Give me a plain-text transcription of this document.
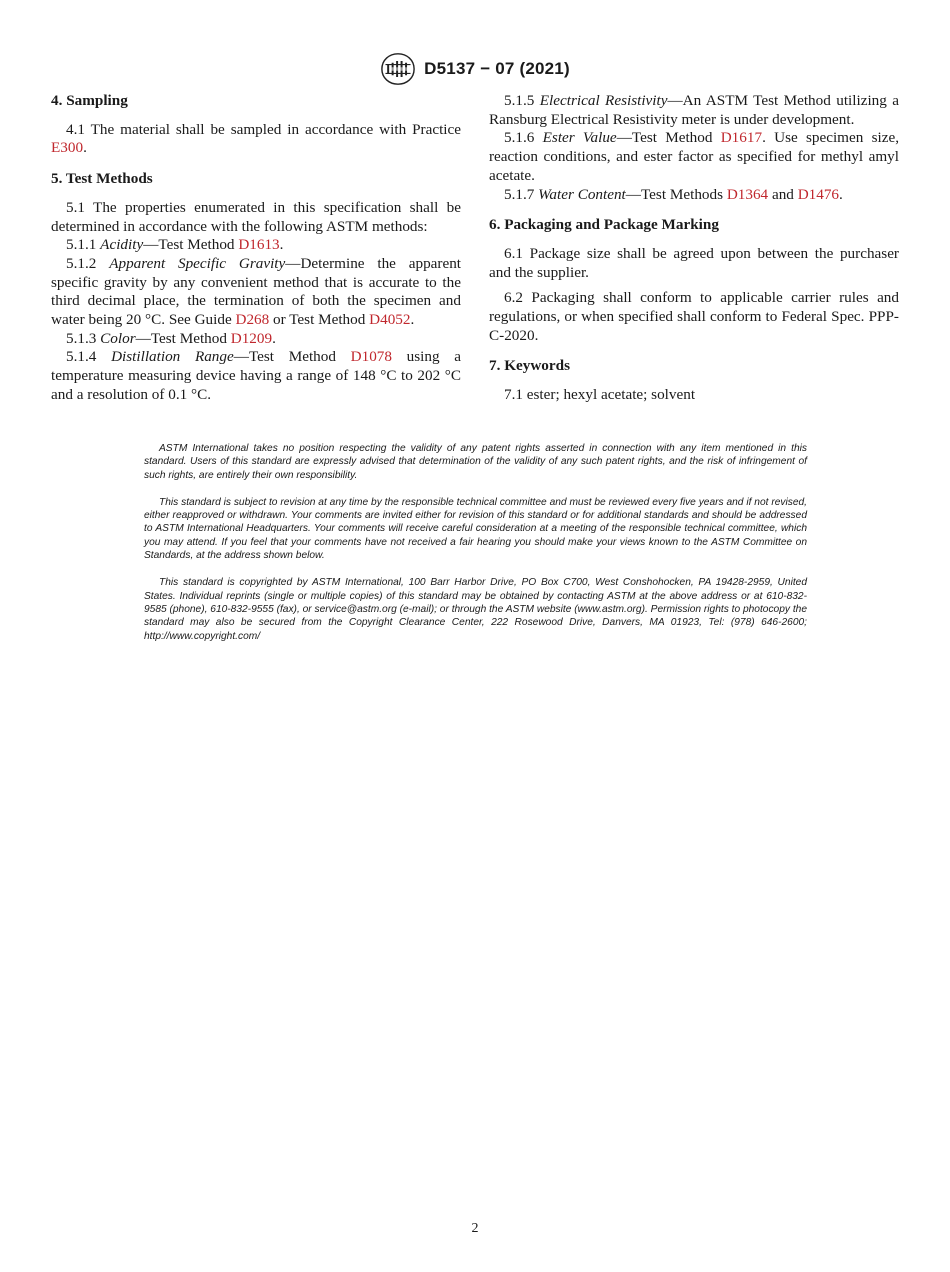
D5137 − 07 (2021)

4. Sampling

4.1 The material shall be sampled in accordance with Practice E300.

5. Test Methods

5.1 The properties enumerated in this specification shall be determined in accordance with the following ASTM methods:

5.1.1 Acidity—Test Method D1613.

5.1.2 Apparent Specific Gravity—Determine the apparent specific gravity by any convenient method that is accurate to the third decimal place, the termination of both the specimen and water being 20 °C. See Guide D268 or Test Method D4052.

5.1.3 Color—Test Method D1209.

5.1.4 Distillation Range—Test Method D1078 using a temperature measuring device having a range of 148 °C to 202 °C and a resolution of 0.1 °C.

5.1.5 Electrical Resistivity—An ASTM Test Method utilizing a Ransburg Electrical Resistivity meter is under development.

5.1.6 Ester Value—Test Method D1617. Use specimen size, reaction conditions, and ester factor as specified for methyl amyl acetate.

5.1.7 Water Content—Test Methods D1364 and D1476.

6. Packaging and Package Marking

6.1 Package size shall be agreed upon between the purchaser and the supplier.

6.2 Packaging shall conform to applicable carrier rules and regulations, or when specified shall conform to Federal Spec. PPP-C-2020.

7. Keywords

7.1 ester; hexyl acetate; solvent

ASTM International takes no position respecting the validity of any patent rights asserted in connection with any item mentioned in this standard. Users of this standard are expressly advised that determination of the validity of any such patent rights, and the risk of infringement of such rights, are entirely their own responsibility.

This standard is subject to revision at any time by the responsible technical committee and must be reviewed every five years and if not revised, either reapproved or withdrawn. Your comments are invited either for revision of this standard or for additional standards and should be addressed to ASTM International Headquarters. Your comments will receive careful consideration at a meeting of the responsible technical committee, which you may attend. If you feel that your comments have not received a fair hearing you should make your views known to the ASTM Committee on Standards, at the address shown below.

This standard is copyrighted by ASTM International, 100 Barr Harbor Drive, PO Box C700, West Conshohocken, PA 19428-2959, United States. Individual reprints (single or multiple copies) of this standard may be obtained by contacting ASTM at the above address or at 610-832-9585 (phone), 610-832-9555 (fax), or service@astm.org (e-mail); or through the ASTM website (www.astm.org). Permission rights to photocopy the standard may also be secured from the Copyright Clearance Center, 222 Rosewood Drive, Danvers, MA 01923, Tel: (978) 646-2600; http://www.copyright.com/

2
